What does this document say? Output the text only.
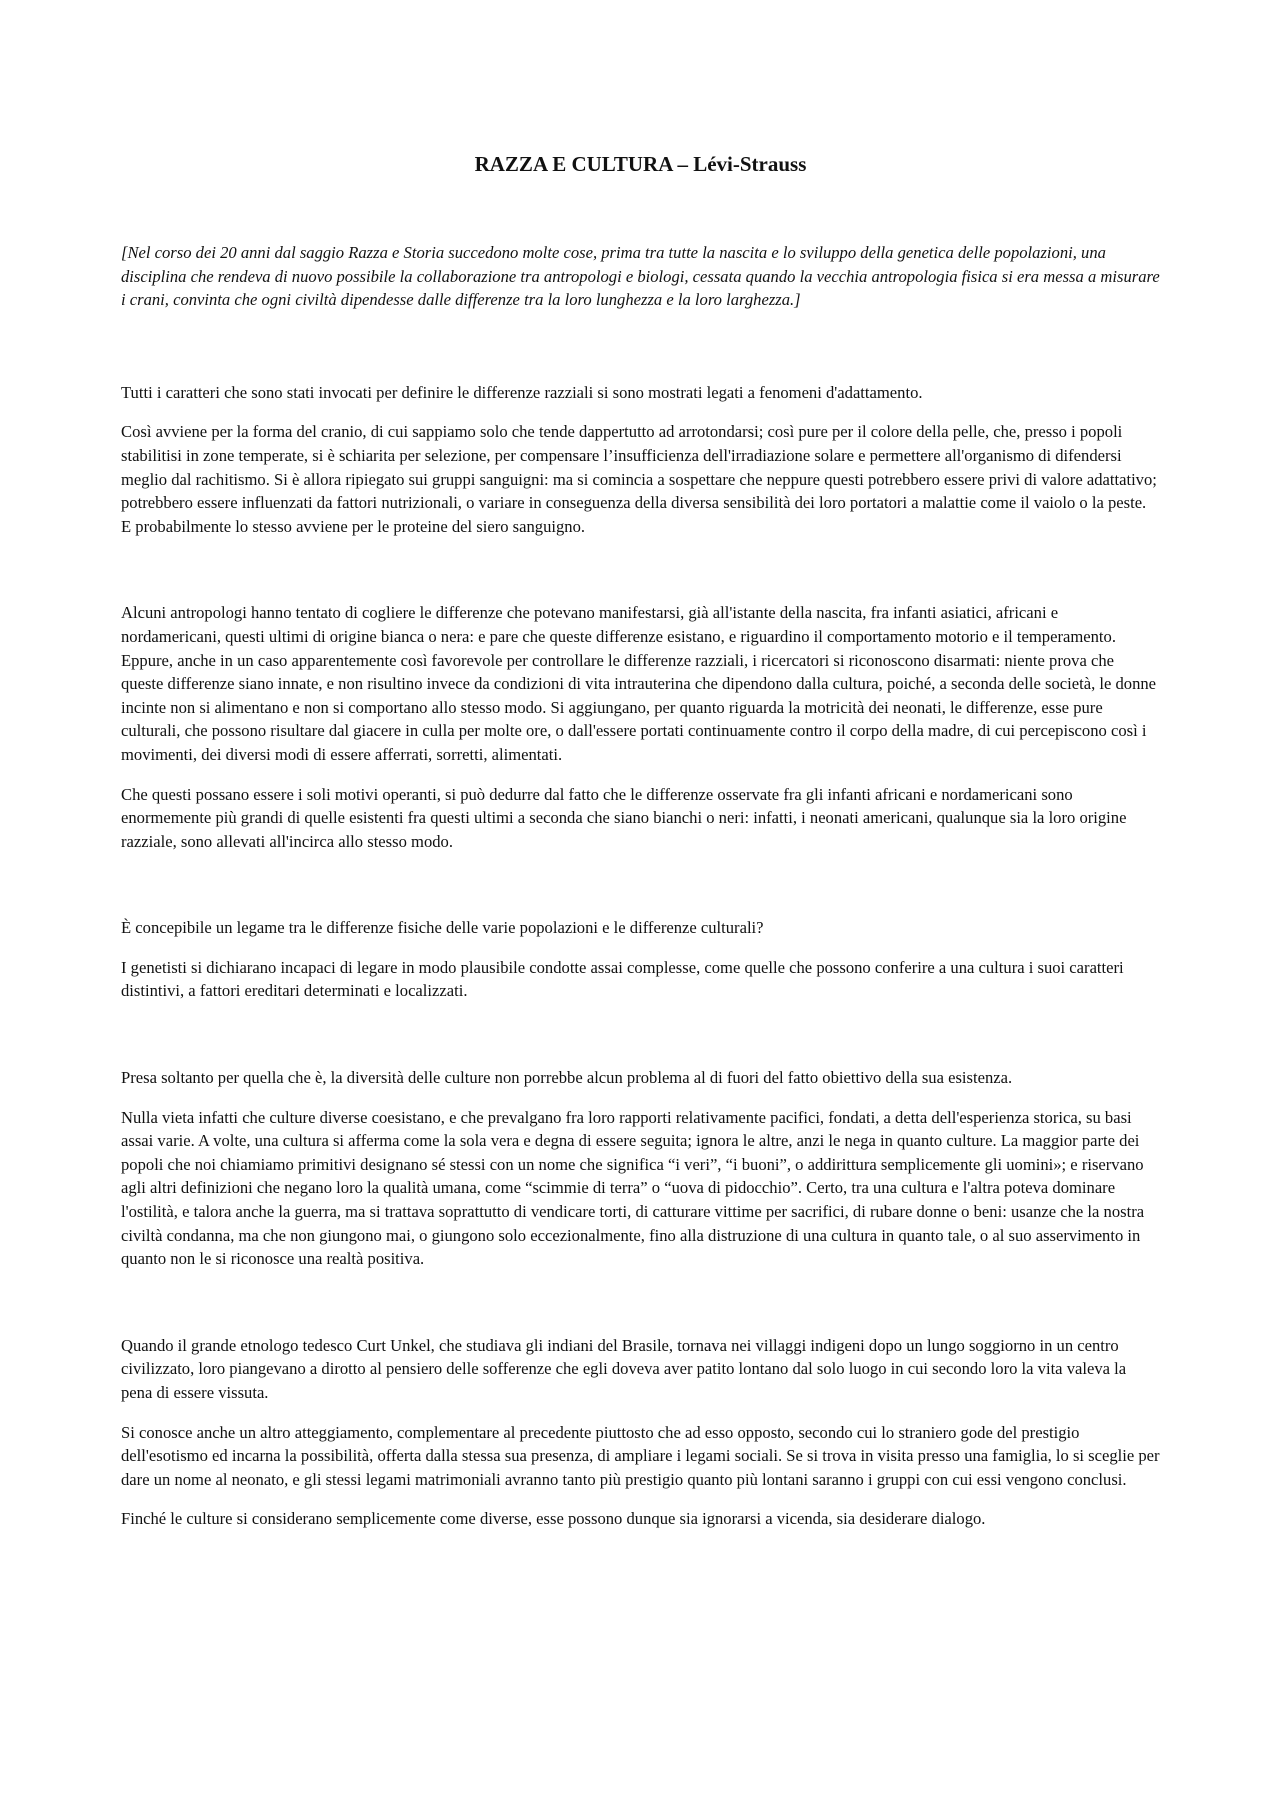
RAZZA E CULTURA – Lévi-Strauss

[Nel corso dei 20 anni dal saggio Razza e Storia succedono molte cose, prima tra tutte la nascita e lo sviluppo della genetica delle popolazioni, una disciplina che rendeva di nuovo possibile la collaborazione tra antropologi e biologi, cessata quando la vecchia antropologia fisica si era messa a misurare i crani, convinta che ogni civiltà dipendesse dalle differenze tra la loro lunghezza e la loro larghezza.]

Tutti i caratteri che sono stati invocati per definire le differenze razziali si sono mostrati legati a fenomeni d'adattamento.

Così avviene per la forma del cranio, di cui sappiamo solo che tende dappertutto ad arrotondarsi; così pure per il colore della pelle, che, presso i popoli stabilitisi in zone temperate, si è schiarita per selezione, per compensare l’insufficienza dell'irradiazione solare e permettere all'organismo di difendersi meglio dal rachitismo. Si è allora ripiegato sui gruppi sanguigni: ma si comincia a sospettare che neppure questi potrebbero essere privi di valore adattativo; potrebbero essere influenzati da fattori nutrizionali, o variare in conseguenza della diversa sensibilità dei loro portatori a malattie come il vaiolo o la peste. E probabilmente lo stesso avviene per le proteine del siero sanguigno.

Alcuni antropologi hanno tentato di cogliere le differenze che potevano manifestarsi, già all'istante della nascita, fra infanti asiatici, africani e nordamericani, questi ultimi di origine bianca o nera: e pare che queste differenze esistano, e riguardino il comportamento motorio e il temperamento. Eppure, anche in un caso apparentemente così favorevole per controllare le differenze razziali, i ricercatori si riconoscono disarmati: niente prova che queste differenze siano innate, e non risultino invece da condizioni di vita intrauterina che dipendono dalla cultura, poiché, a seconda delle società, le donne incinte non si alimentano e non si comportano allo stesso modo. Si aggiungano, per quanto riguarda la motricità dei neonati, le differenze, esse pure culturali, che possono risultare dal giacere in culla per molte ore, o dall'essere portati continuamente contro il corpo della madre, di cui percepiscono così i movimenti, dei diversi modi di essere afferrati, sorretti, alimentati.

Che questi possano essere i soli motivi operanti, si può dedurre dal fatto che le differenze osservate fra gli infanti africani e nordamericani sono enormemente più grandi di quelle esistenti fra questi ultimi a seconda che siano bianchi o neri: infatti, i neonati americani, qualunque sia la loro origine razziale, sono allevati all'incirca allo stesso modo.

È concepibile un legame tra le differenze fisiche delle varie popolazioni e le differenze culturali?

I genetisti si dichiarano incapaci di legare in modo plausibile condotte assai complesse, come quelle che possono conferire a una cultura i suoi caratteri distintivi, a fattori ereditari determinati e localizzati.

Presa soltanto per quella che è, la diversità delle culture non porrebbe alcun problema al di fuori del fatto obiettivo della sua esistenza.

Nulla vieta infatti che culture diverse coesistano, e che prevalgano fra loro rapporti relativamente pacifici, fondati, a detta dell'esperienza storica, su basi assai varie. A volte, una cultura si afferma come la sola vera e degna di essere seguita; ignora le altre, anzi le nega in quanto culture. La maggior parte dei popoli che noi chiamiamo primitivi designano sé stessi con un nome che significa “i veri”, “i buoni”, o addirittura semplicemente gli uomini»; e riservano agli altri definizioni che negano loro la qualità umana, come “scimmie di terra” o “uova di pidocchio”. Certo, tra una cultura e l'altra poteva dominare l'ostilità, e talora anche la guerra, ma si trattava soprattutto di vendicare torti, di catturare vittime per sacrifici, di rubare donne o beni: usanze che la nostra civiltà condanna, ma che non giungono mai, o giungono solo eccezionalmente, fino alla distruzione di una cultura in quanto tale, o al suo asservimento in quanto non le si riconosce una realtà positiva.

Quando il grande etnologo tedesco Curt Unkel, che studiava gli indiani del Brasile, tornava nei villaggi indigeni dopo un lungo soggiorno in un centro civilizzato, loro piangevano a dirotto al pensiero delle sofferenze che egli doveva aver patito lontano dal solo luogo in cui secondo loro la vita valeva la pena di essere vissuta.

Si conosce anche un altro atteggiamento, complementare al precedente piuttosto che ad esso opposto, secondo cui lo straniero gode del prestigio dell'esotismo ed incarna la possibilità, offerta dalla stessa sua presenza, di ampliare i legami sociali. Se si trova in visita presso una famiglia, lo si sceglie per dare un nome al neonato, e gli stessi legami matrimoniali avranno tanto più prestigio quanto più lontani saranno i gruppi con cui essi vengono conclusi.

Finché le culture si considerano semplicemente come diverse, esse possono dunque sia ignorarsi a vicenda, sia desiderare dialogo.
